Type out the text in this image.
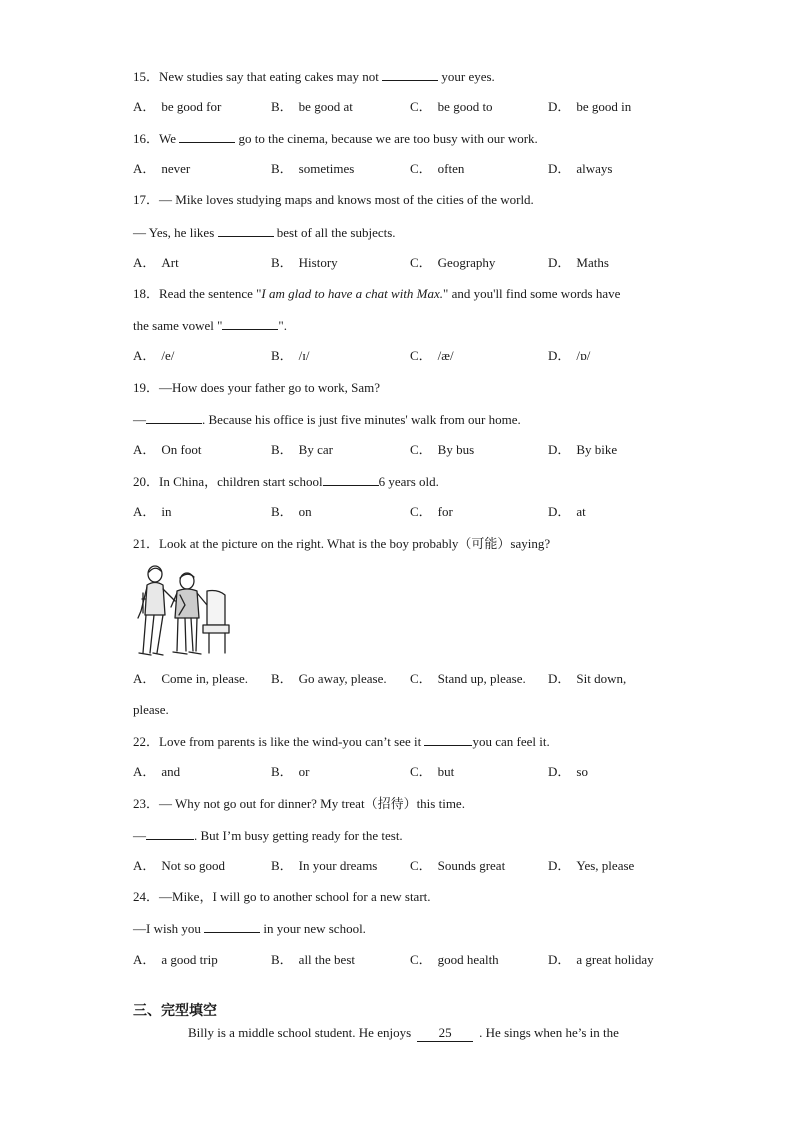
15．New studies say that eating cakes may not	your eyes.
A． be good for	B． be good at	C． be good to	D． be good in
16．We	go to the cinema, because we are too busy with our work.
A． never	B． sometimes	C． often	D． always
17．— Mike loves studying maps and knows most of the cities of the world.
— Yes, he likes	best of all the subjects.
A． Art	B． History	C． Geography	D． Maths
18．Read the sentence "I am glad to have a chat with Max." and you'll find some words have
the same vowel "	".
A． /e/	B． /ɪ/	C． /æ/	D． /ɒ/
19．—How does your father go to work, Sam?
—	. Because his office is just five minutes' walk from our home.
A． On foot	B． By car	C． By bus	D． By bike
20．In China，children start school	6 years old.
A． in	B． on	C． for	D． at
21．Look at the picture on the right. What is the boy probably（可能）saying?
A． Come in, please. B． Go away, please. C． Stand up, please. D． Sit down,
please.
22．Love from parents is like the wind-you can’t see it	you can feel it.
A． and	B． or	C． but	D． so
23．— Why not go out for dinner? My treat（招待）this time.
—	. But I’m busy getting ready for the test.
A． Not so good	B． In your dreams	C． Sounds great	D． Yes, please
24．—Mike，I will go to another school for a new start.
—I wish you	in your new school.
A． a good trip	B． all the best	C． good health	D． a great holiday
三、完型填空
Billy is a middle school student. He enjoys 25 . He sings when he’s in the
